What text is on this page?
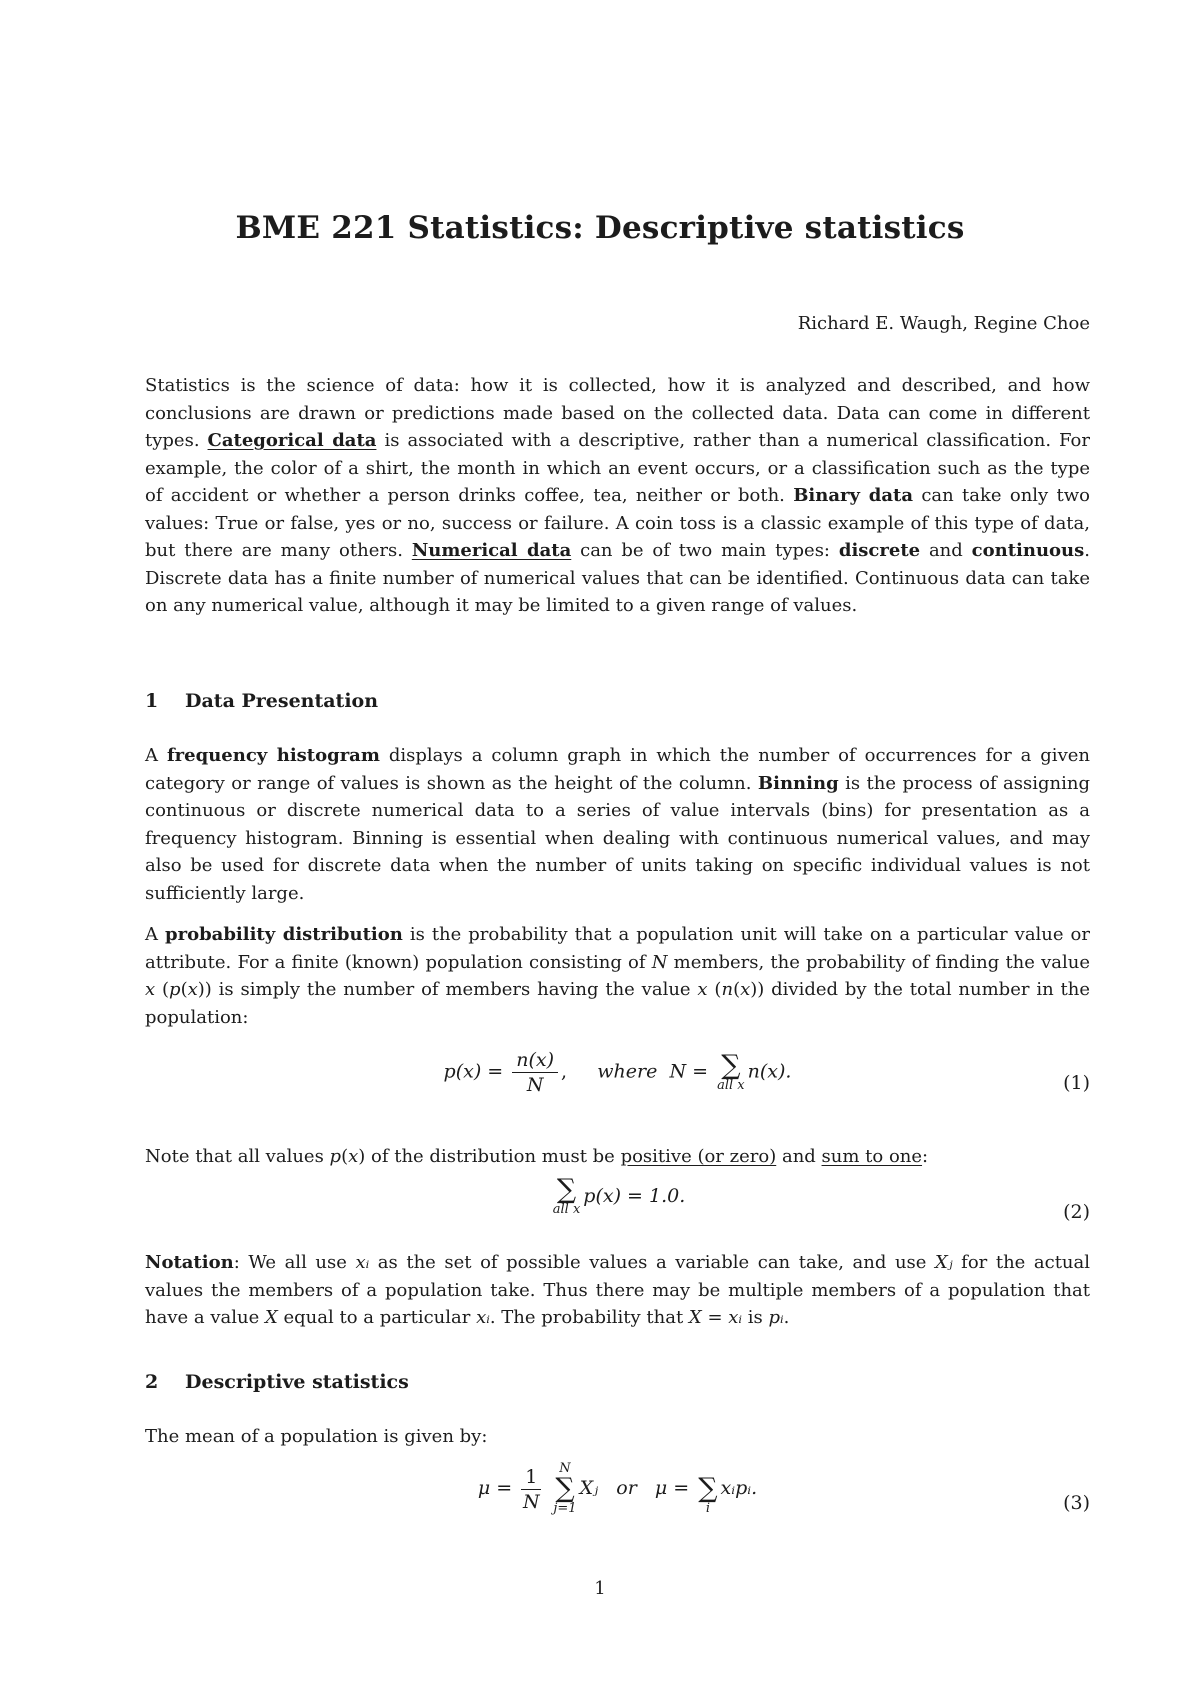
BME 221 Statistics: Descriptive statistics
Richard E. Waugh, Regine Choe
Statistics is the science of data: how it is collected, how it is analyzed and described, and how conclusions are drawn or predictions made based on the collected data. Data can come in different types. Categorical data is associated with a descriptive, rather than a numerical classification. For example, the color of a shirt, the month in which an event occurs, or a classification such as the type of accident or whether a person drinks coffee, tea, neither or both. Binary data can take only two values: True or false, yes or no, success or failure. A coin toss is a classic example of this type of data, but there are many others. Numerical data can be of two main types: discrete and continuous. Discrete data has a finite number of numerical values that can be identified. Continuous data can take on any numerical value, although it may be limited to a given range of values.
1 Data Presentation
A frequency histogram displays a column graph in which the number of occurrences for a given category or range of values is shown as the height of the column. Binning is the process of assigning continuous or discrete numerical data to a series of value intervals (bins) for presentation as a frequency histogram. Binning is essential when dealing with continuous numerical values, and may also be used for discrete data when the number of units taking on specific individual values is not sufficiently large.
A probability distribution is the probability that a population unit will take on a particular value or attribute. For a finite (known) population consisting of N members, the probability of finding the value x (p(x)) is simply the number of members having the value x (n(x)) divided by the total number in the population:
$p(x) = \frac{n(x)}{N}$ ,     where N = ∑
all x
n(x).
(1)
Note that all values p(x) of the distribution must be positive (or zero) and sum to one:
∑
all x
p(x) = 1.0.
(2)
Notation: We all use xᵢ as the set of possible values a variable can take, and use Xⱼ for the actual values the members of a population take. Thus there may be multiple members of a population that have a value X equal to a particular xᵢ. The probability that X = xᵢ is pᵢ.
2 Descriptive statistics
The mean of a population is given by:
$\mu = \frac{1}{N}$
	N
∑
j=1
Xⱼ or μ =
∑
i
xᵢpᵢ.
(3)
1
